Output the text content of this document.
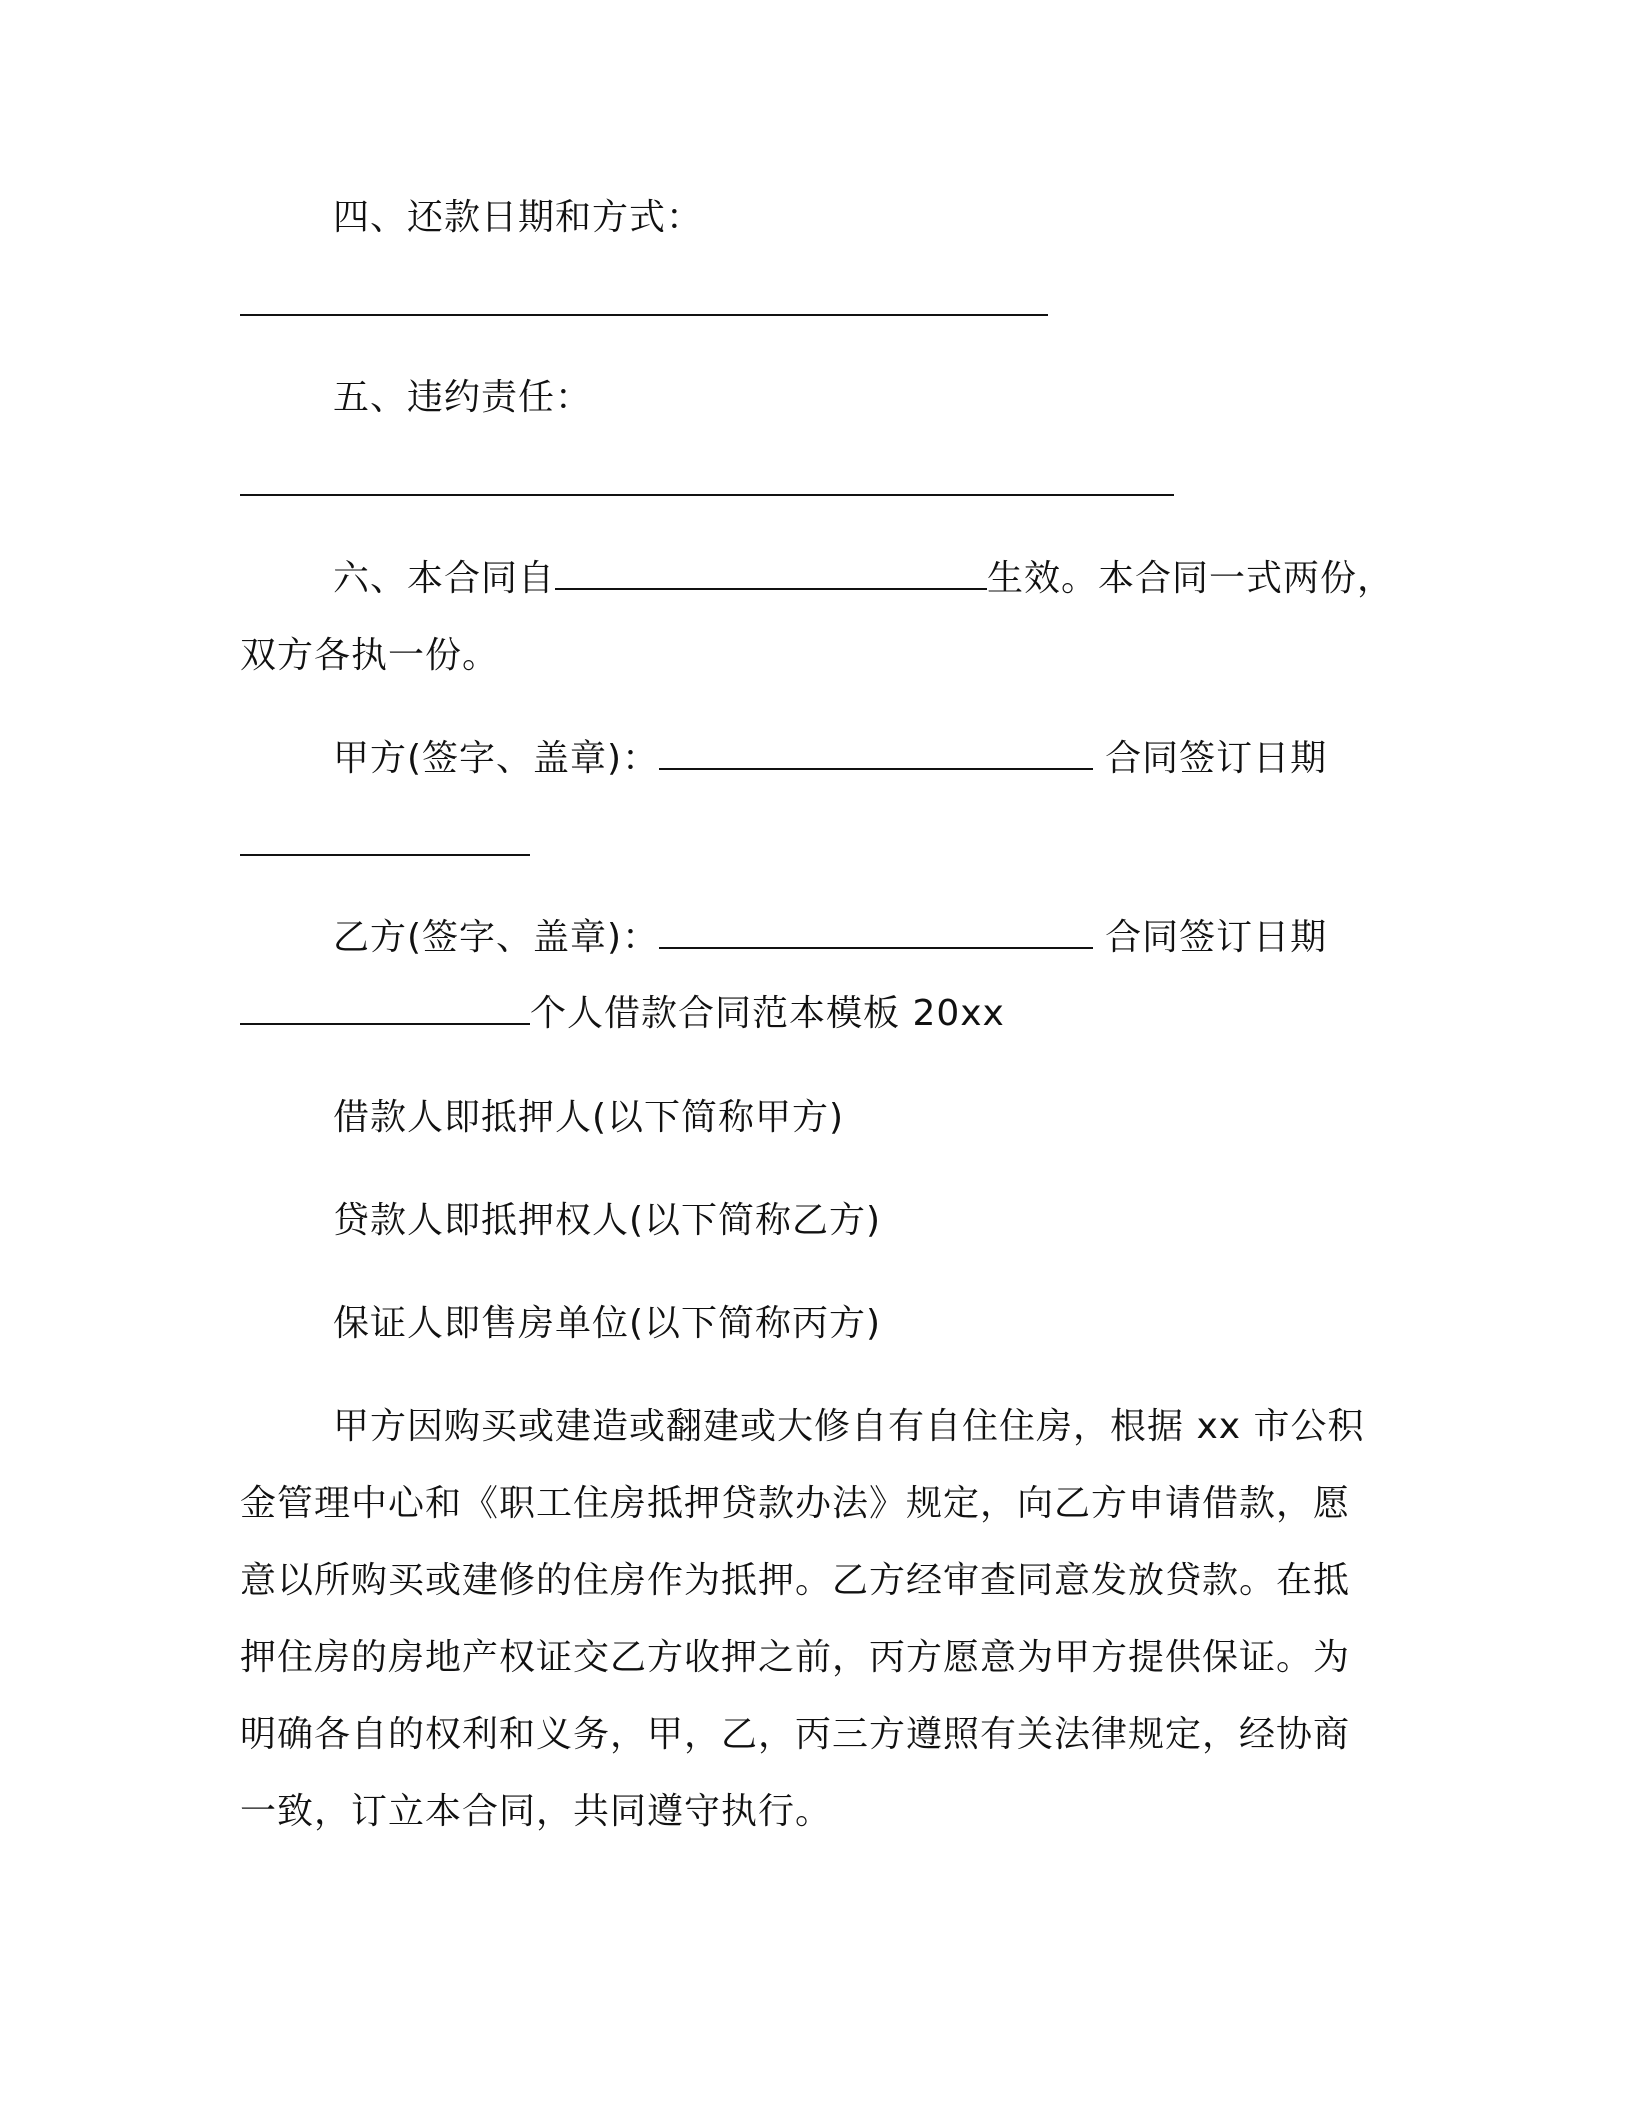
四、还款日期和方式：
五、违约责任：
六、本合同自	生效。本合同一式两份，
双方各执一份。
甲方(签字、盖章)：	合同签订日期
乙方(签字、盖章)：	合同签订日期
个人借款合同范本模板 20xx
借款人即抵押人(以下简称甲方)
贷款人即抵押权人(以下简称乙方)
保证人即售房单位(以下简称丙方)
甲方因购买或建造或翻建或大修自有自住住房，根据 xx 市公积
金管理中心和《职工住房抵押贷款办法》规定，向乙方申请借款，愿
意以所购买或建修的住房作为抵押。乙方经审查同意发放贷款。在抵
押住房的房地产权证交乙方收押之前，丙方愿意为甲方提供保证。为
明确各自的权利和义务，甲，乙，丙三方遵照有关法律规定，经协商
一致，订立本合同，共同遵守执行。
